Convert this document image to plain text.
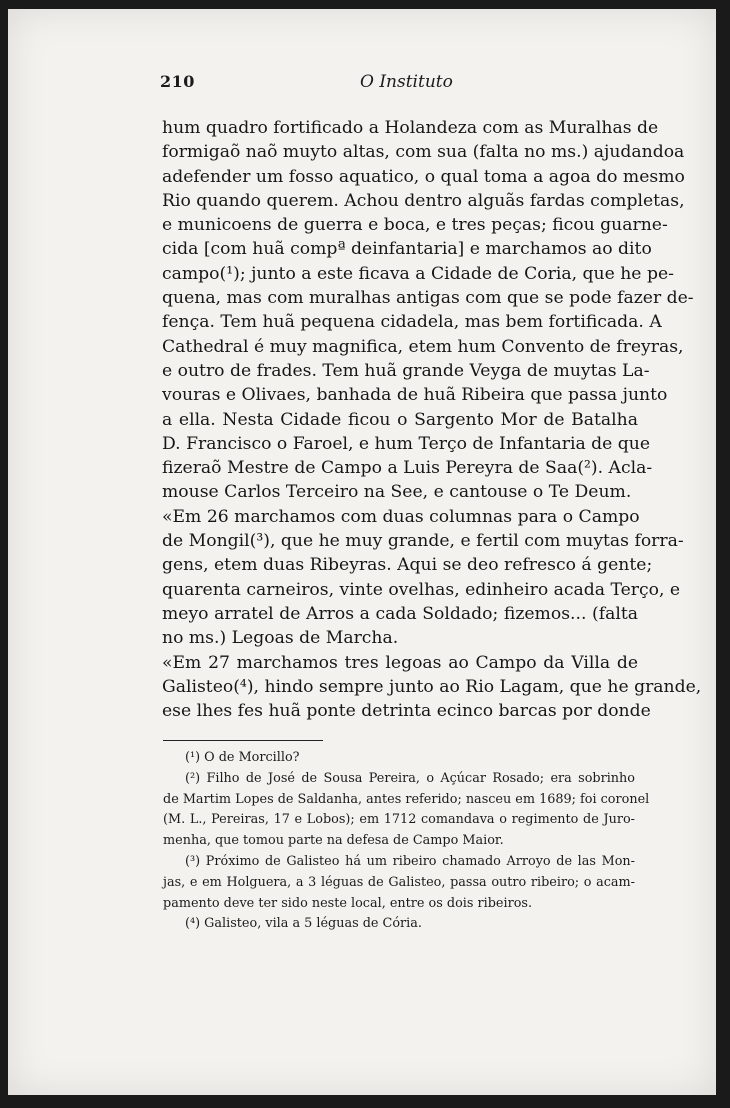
210	O Instituto
hum quadro fortificado a Holandeza com as Muralhas de
formigaõ naõ muyto altas, com sua (falta no ms.) ajudandoa
adefender um fosso aquatico, o qual toma a agoa do mesmo
Rio quando querem. Achou dentro alguãs fardas completas,
e municoens de guerra e boca, e tres peças; ficou guarne-
cida [com huã compª deinfantaria] e marchamos ao dito
campo(¹); junto a este ficava a Cidade de Coria, que he pe-
quena, mas com muralhas antigas com que se pode fazer de-
fença. Tem huã pequena cidadela, mas bem fortificada. A
Cathedral é muy magnifica, etem hum Convento de freyras,
e outro de frades. Tem huã grande Veyga de muytas La-
vouras e Olivaes, banhada de huã Ribeira que passa junto
a ella. Nesta Cidade ficou o Sargento Mor de Batalha
D. Francisco o Faroel, e hum Terço de Infantaria de que
fizeraõ Mestre de Campo a Luis Pereyra de Saa(²). Acla-
mouse Carlos Terceiro na See, e cantouse o Te Deum.
«Em 26 marchamos com duas columnas para o Campo
de Mongil(³), que he muy grande, e fertil com muytas forra-
gens, etem duas Ribeyras. Aqui se deo refresco á gente;
quarenta carneiros, vinte ovelhas, edinheiro acada Terço, e
meyo arratel de Arros a cada Soldado; fizemos... (falta
no ms.) Legoas de Marcha.
«Em 27 marchamos tres legoas ao Campo da Villa de
Galisteo(⁴), hindo sempre junto ao Rio Lagam, que he grande,
ese lhes fes huã ponte detrinta ecinco barcas por donde
(¹) O de Morcillo?
(²) Filho de José de Sousa Pereira, o Açúcar Rosado; era sobrinho
de Martim Lopes de Saldanha, antes referido; nasceu em 1689; foi coronel
(M. L., Pereiras, 17 e Lobos); em 1712 comandava o regimento de Juro-
menha, que tomou parte na defesa de Campo Maior.
(³) Próximo de Galisteo há um ribeiro chamado Arroyo de las Mon-
jas, e em Holguera, a 3 léguas de Galisteo, passa outro ribeiro; o acam-
pamento deve ter sido neste local, entre os dois ribeiros.
(⁴) Galisteo, vila a 5 léguas de Cória.
